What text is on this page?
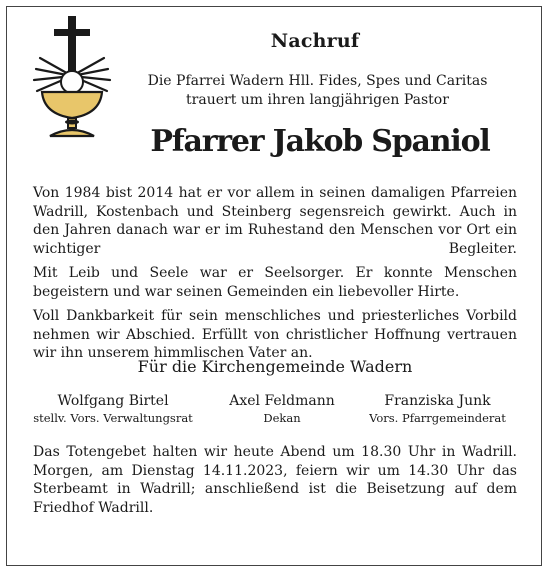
Nachruf
Die Pfarrei Wadern Hll. Fides, Spes und Caritas
trauert um ihren langjährigen Pastor
Pfarrer Jakob Spaniol

Von 1984 bist 2014 hat er vor allem in seinen damaligen Pfarreien Wadrill, Kostenbach und Steinberg segensreich gewirkt. Auch in den Jahren danach war er im Ruhestand den Menschen vor Ort ein wichtiger Begleiter.

Mit Leib und Seele war er Seelsorger. Er konnte Menschen begeistern und war seinen Gemeinden ein liebevoller Hirte.

Voll Dankbarkeit für sein menschliches und priesterliches Vorbild nehmen wir Abschied. Erfüllt von christlicher Hoffnung vertrauen wir ihn unserem himmlischen Vater an.

Für die Kirchengemeinde Wadern
Wolfgang Birtel
stellv. Vors. Verwaltungsrat
Axel Feldmann
Dekan
Franziska Junk
Vors. Pfarrgemeinderat

Das Totengebet halten wir heute Abend um 18.30 Uhr in Wadrill. Morgen, am Dienstag 14.11.2023, feiern wir um 14.30 Uhr das Sterbeamt in Wadrill; anschließend ist die Beisetzung auf dem Friedhof Wadrill.
